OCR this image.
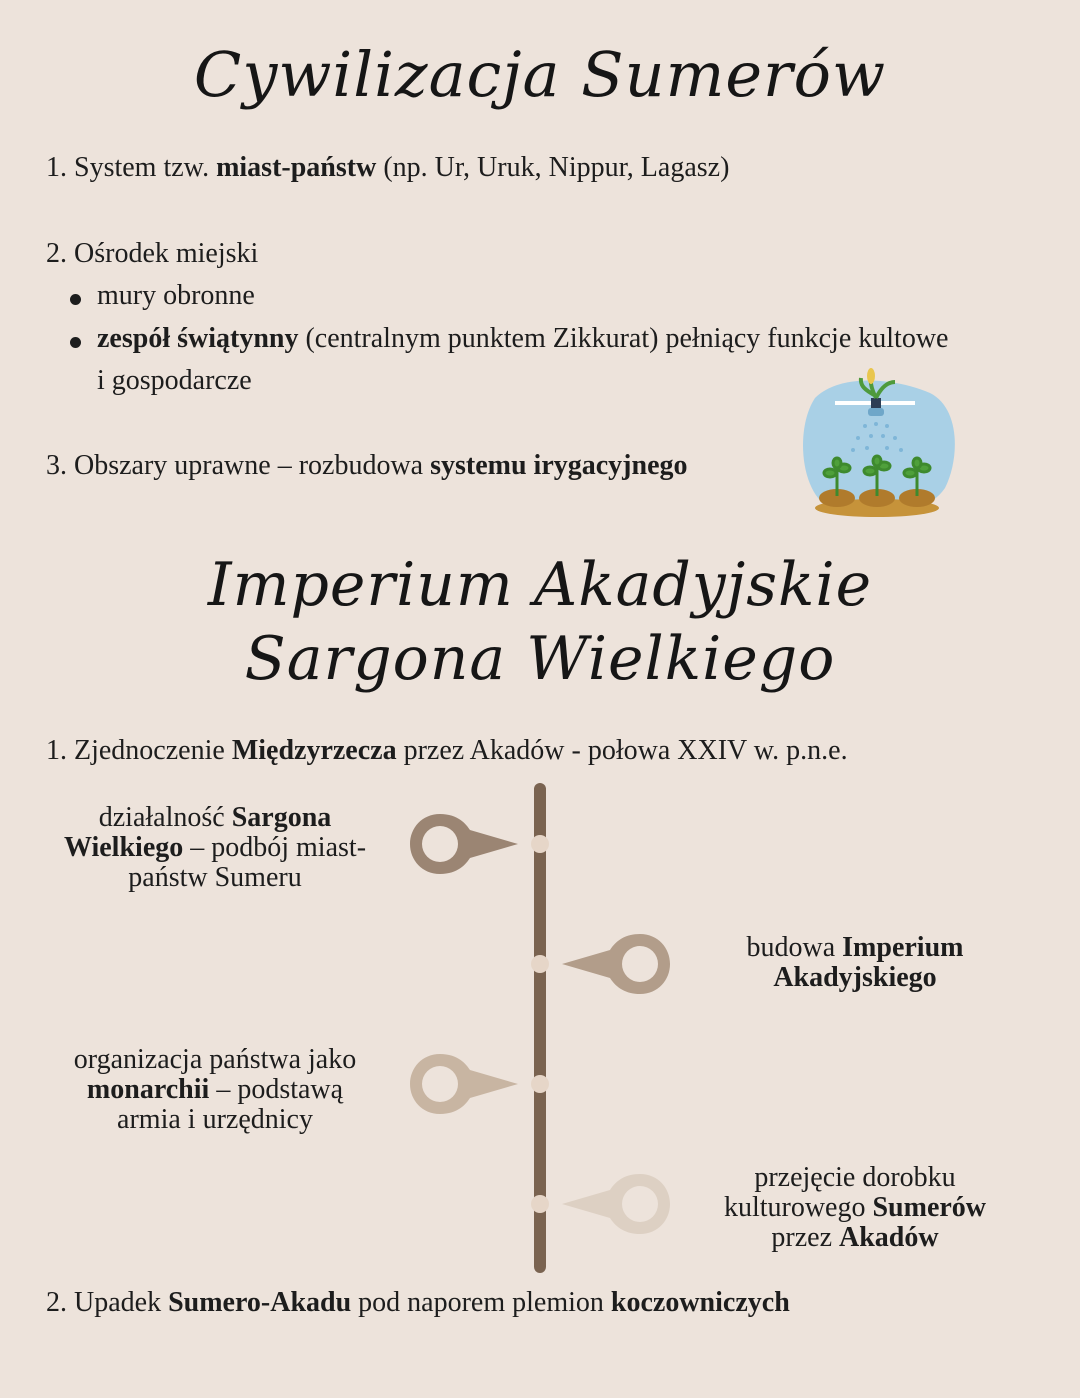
Cywilizacja Sumerów
1. System tzw. miast-państw (np. Ur, Uruk, Nippur, Lagasz)
2. Ośrodek miejski
mury obronne
zespół świątynny (centralnym punktem Zikkurat) pełniący funkcje kultowe
i gospodarcze
3. Obszary uprawne – rozbudowa systemu irygacyjnego
Imperium Akadyjskie
Sargona Wielkiego
1. Zjednoczenie Międzyrzecza przez Akadów - połowa XXIV w. p.n.e.
działalność Sargona
Wielkiego – podbój miast-
państw Sumeru
budowa Imperium
Akadyjskiego
organizacja państwa jako
monarchii – podstawą
armia i urzędnicy
przejęcie dorobku
kulturowego Sumerów
przez Akadów
2. Upadek Sumero-Akadu pod naporem plemion koczowniczych
